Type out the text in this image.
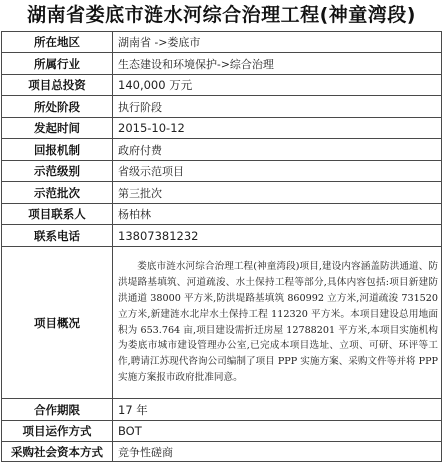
湖南省娄底市涟水河综合治理工程(神童湾段)
所在地区	湖南省 ->娄底市
所属行业	生态建设和环境保护->综合治理
项目总投资	140,000 万元
所处阶段	执行阶段
发起时间	2015-10-12
回报机制	政府付费
示范级别	省级示范项目
示范批次	第三批次
项目联系人	杨柏林
联系电话	13807381232
项目概况	娄底市涟水河综合治理工程(神童湾段)项目,建设内容涵盖防洪通道、防洪堤路基填筑、河道疏浚、水土保持工程等部分,具体内容包括:项目新建防洪通道 38000 平方米,防洪堤路基填筑 860992 立方米,河道疏浚 731520 立方米,新建涟水北岸水土保持工程 112320 平方米。本项目建设总用地面积为 653.764 亩,项目建设需折迁房屋 12788201 平方米,本项目实施机构为娄底市城市建设管理办公室,已完成本项目选址、立项、可研、环评等工作,聘请江苏现代咨询公司编制了项目 PPP 实施方案、采购文件等并将 PPP 实施方案报市政府批准同意。
合作期限	17 年
项目运作方式	BOT
采购社会资本方式	竞争性磋商
